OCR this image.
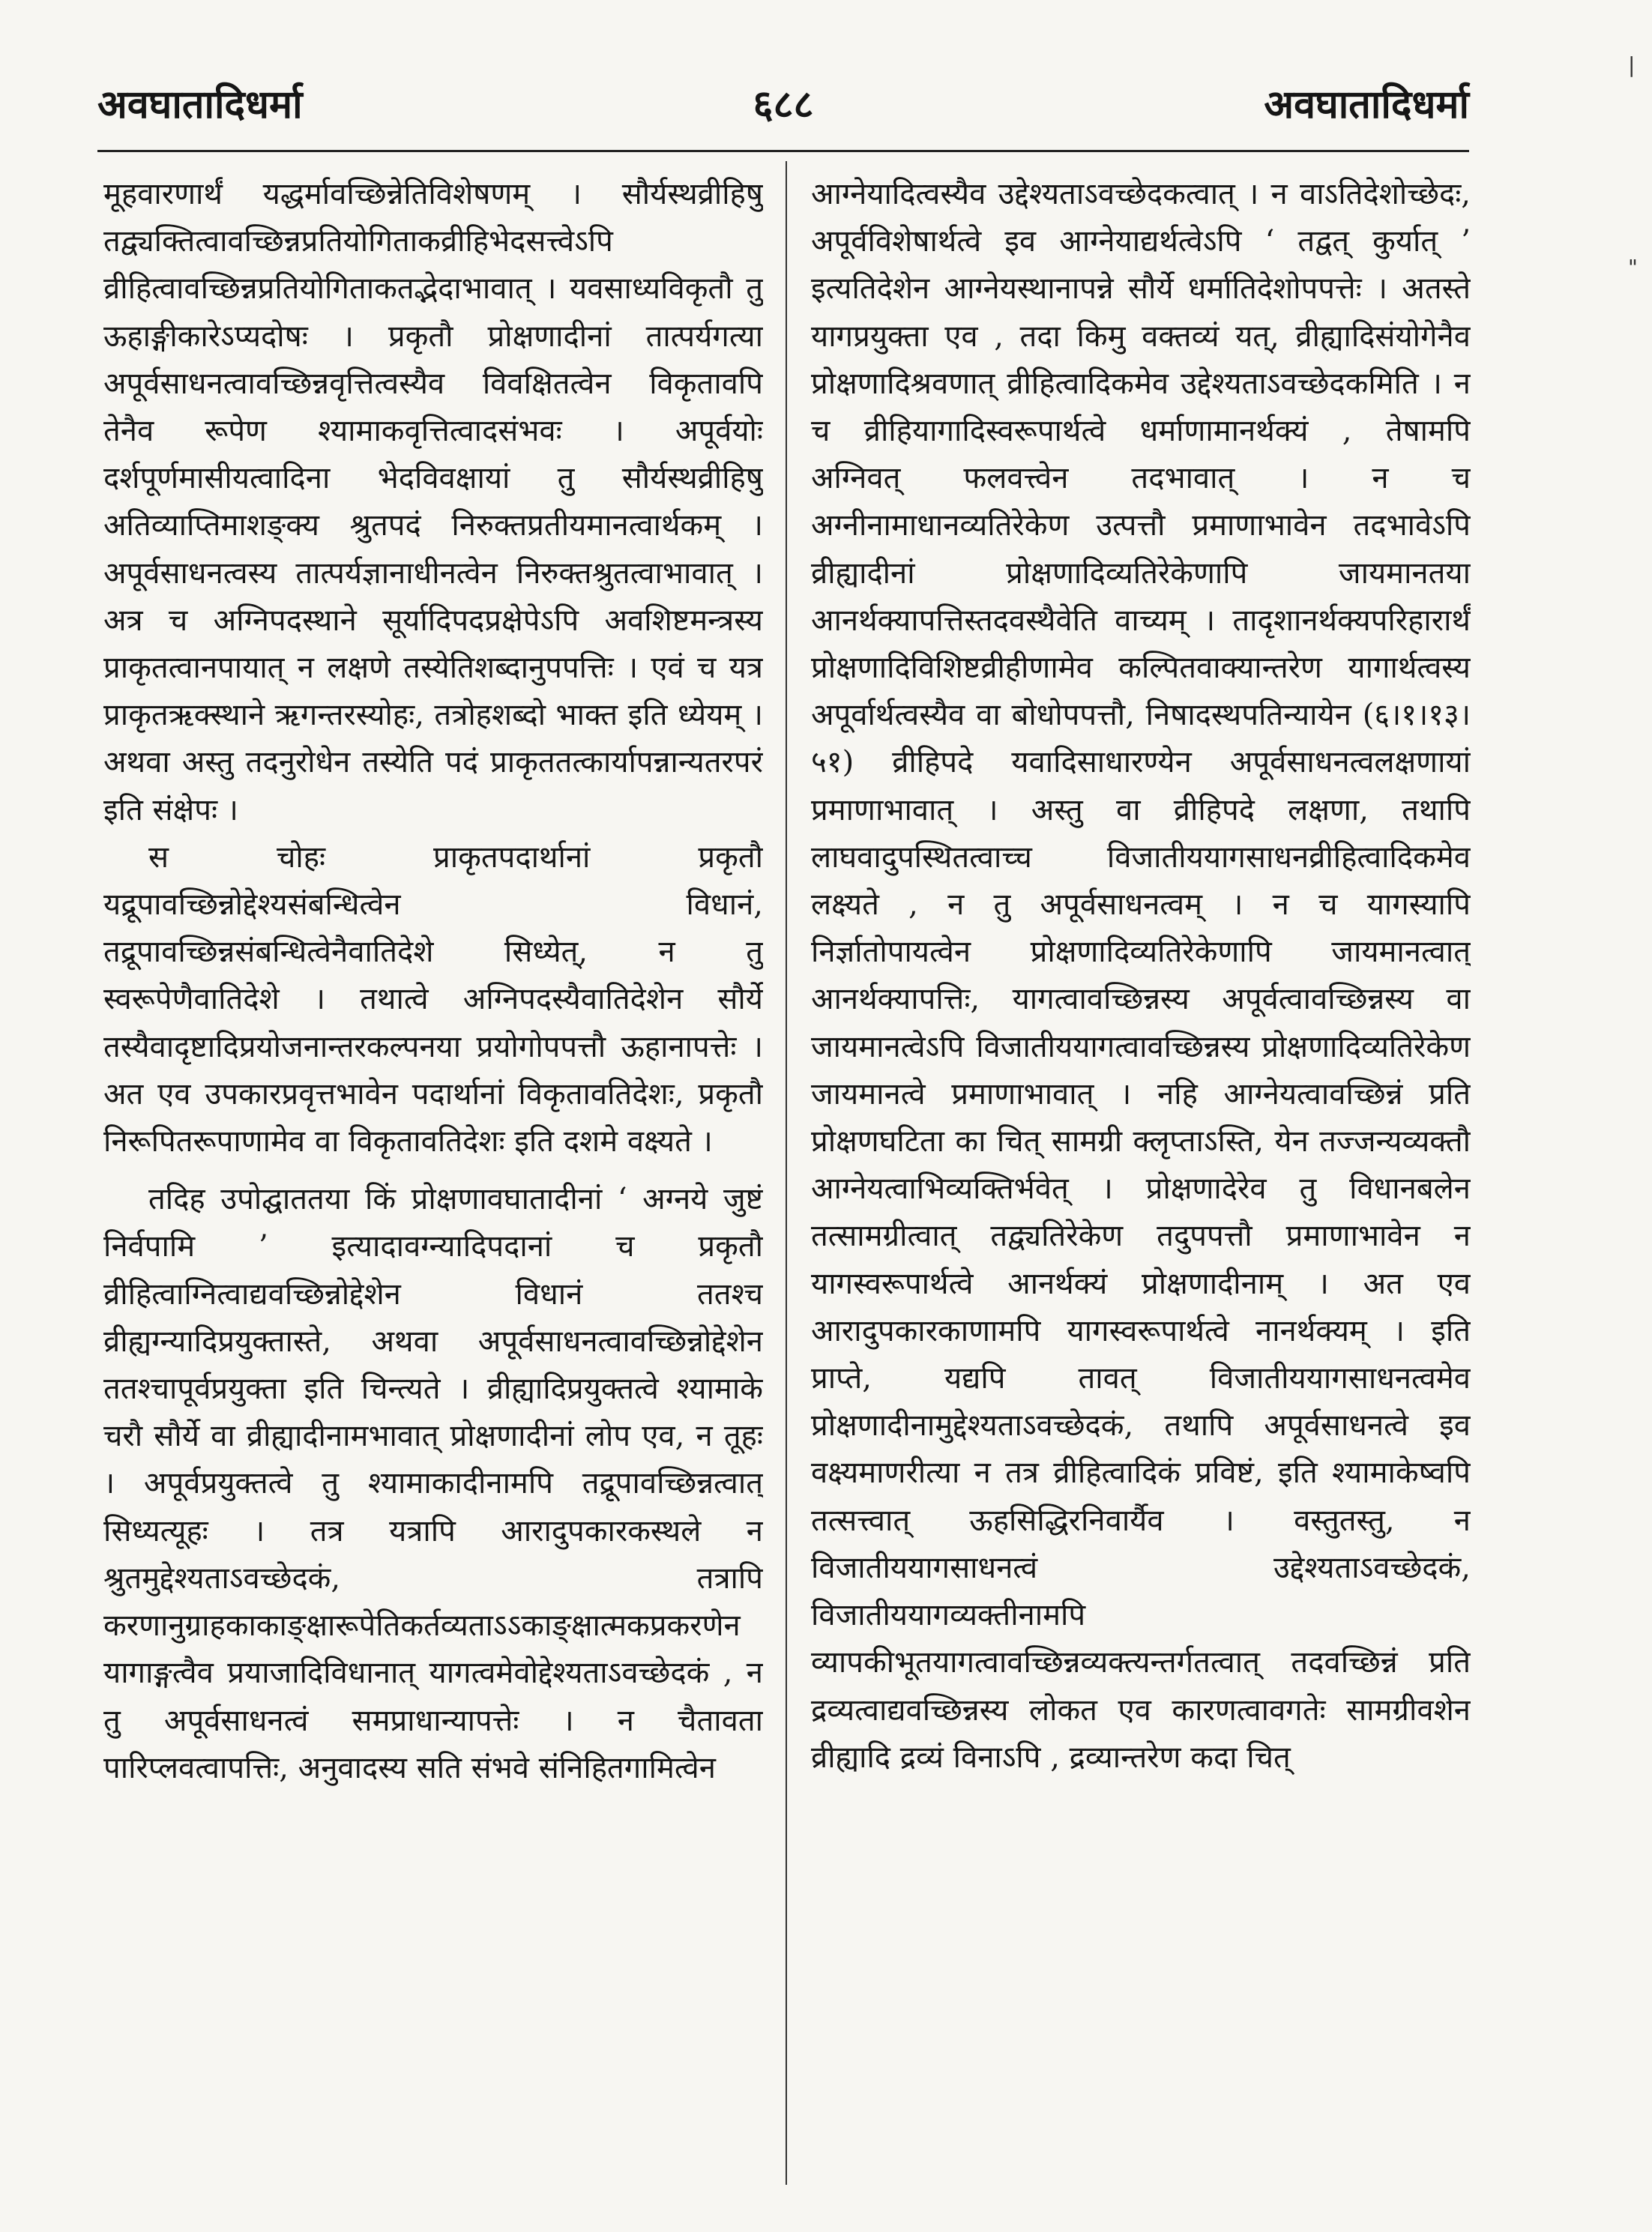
अवघातादिधर्मा	६८८	अवघातादिधर्मा

मूहवारणार्थं यद्धर्मावच्छिन्नेतिविशेषणम् । सौर्यस्थव्रीहिषु तद्व्यक्तित्वावच्छिन्नप्रतियोगिताकव्रीहिभेदसत्त्वेऽपि व्रीहित्वावच्छिन्नप्रतियोगिताकतद्भेदाभावात् । यवसाध्यविकृतौ तु ऊहाङ्गीकारेऽप्यदोषः । प्रकृतौ प्रोक्षणादीनां तात्पर्यगत्या अपूर्वसाधनत्वावच्छिन्नवृत्तित्वस्यैव विवक्षितत्वेन विकृतावपि तेनैव रूपेण श्यामाकवृत्तित्वादसंभवः । अपूर्वयोः दर्शपूर्णमासीयत्वादिना भेदविवक्षायां तु सौर्यस्थव्रीहिषु अतिव्याप्तिमाशङ्क्य श्रुतपदं निरुक्तप्रतीयमानत्वार्थकम् । अपूर्वसाधनत्वस्य तात्पर्यज्ञानाधीनत्वेन निरुक्तश्रुतत्वाभावात् । अत्र च अग्निपदस्थाने सूर्यादिपदप्रक्षेपेऽपि अवशिष्टमन्त्रस्य प्राकृतत्वानपायात् न लक्षणे तस्येतिशब्दानुपपत्तिः । एवं च यत्र प्राकृतऋक्स्थाने ऋगन्तरस्योहः, तत्रोहशब्दो भाक्त इति ध्येयम् । अथवा अस्तु तदनुरोधेन तस्येति पदं प्राकृततत्कार्यापन्नान्यतरपरं इति संक्षेपः ।

स चोहः प्राकृतपदार्थानां प्रकृतौ यद्रूपावच्छिन्नोद्देश्यसंबन्धित्वेन विधानं, तद्रूपावच्छिन्नसंबन्धित्वेनैवातिदेशे सिध्येत्, न तु स्वरूपेणैवातिदेशे । तथात्वे अग्निपदस्यैवातिदेशेन सौर्ये तस्यैवादृष्टादिप्रयोजनान्तरकल्पनया प्रयोगोपपत्तौ ऊहानापत्तेः । अत एव उपकारप्रवृत्तभावेन पदार्थानां विकृतावतिदेशः, प्रकृतौ निरूपितरूपाणामेव वा विकृतावतिदेशः इति दशमे वक्ष्यते ।

तदिह उपोद्घाततया किं प्रोक्षणावघातादीनां ‘ अग्नये जुष्टं निर्वपामि ’ इत्यादावग्न्यादिपदानां च प्रकृतौ व्रीहित्वाग्नित्वाद्यवच्छिन्नोद्देशेन विधानं ततश्च व्रीह्यग्न्यादिप्रयुक्तास्ते, अथवा अपूर्वसाधनत्वावच्छिन्नोद्देशेन ततश्चापूर्वप्रयुक्ता इति चिन्त्यते । व्रीह्यादिप्रयुक्तत्वे श्यामाके चरौ सौर्ये वा व्रीह्यादीनामभावात् प्रोक्षणादीनां लोप एव, न तूहः । अपूर्वप्रयुक्तत्वे तु श्यामाकादीनामपि तद्रूपावच्छिन्नत्वात् सिध्यत्यूहः । तत्र यत्रापि आरादुपकारकस्थले न श्रुतमुद्देश्यताऽवच्छेदकं, तत्रापि करणानुग्राहकाकाङ्क्षारूपेतिकर्तव्यताऽऽकाङ्क्षात्मकप्रकरणेन यागाङ्गत्वैव प्रयाजादिविधानात् यागत्वमेवोद्देश्यताऽवच्छेदकं , न तु अपूर्वसाधनत्वं समप्राधान्यापत्तेः । न चैतावता पारिप्लवत्वापत्तिः, अनुवादस्य सति संभवे संनिहितगामित्वेन

आग्नेयादित्वस्यैव उद्देश्यताऽवच्छेदकत्वात् । न वाऽतिदेशोच्छेदः, अपूर्वविशेषार्थत्वे इव आग्नेयाद्यर्थत्वेऽपि ‘ तद्वत् कुर्यात् ’ इत्यतिदेशेन आग्नेयस्थानापन्ने सौर्ये धर्मातिदेशोपपत्तेः । अतस्ते यागप्रयुक्ता एव , तदा किमु वक्तव्यं यत्, व्रीह्यादिसंयोगेनैव प्रोक्षणादिश्रवणात् व्रीहित्वादिकमेव उद्देश्यताऽवच्छेदकमिति । न च व्रीहियागादिस्वरूपार्थत्वे धर्माणामानर्थक्यं , तेषामपि अग्निवत् फलवत्त्वेन तदभावात् । न च अग्नीनामाधानव्यतिरेकेण उत्पत्तौ प्रमाणाभावेन तदभावेऽपि व्रीह्यादीनां प्रोक्षणादिव्यतिरेकेणापि जायमानतया आनर्थक्यापत्तिस्तदवस्थैवेति वाच्यम् । तादृशानर्थक्यपरिहारार्थं प्रोक्षणादिविशिष्टव्रीहीणामेव कल्पितवाक्यान्तरेण यागार्थत्वस्य अपूर्वार्थत्वस्यैव वा बोधोपपत्तौ, निषादस्थपतिन्यायेन (६।१।१३।५१) व्रीहिपदे यवादिसाधारण्येन अपूर्वसाधनत्वलक्षणायां प्रमाणाभावात् । अस्तु वा व्रीहिपदे लक्षणा, तथापि लाघवादुपस्थितत्वाच्च विजातीययागसाधनव्रीहित्वादिकमेव लक्ष्यते , न तु अपूर्वसाधनत्वम् । न च यागस्यापि निर्ज्ञातोपायत्वेन प्रोक्षणादिव्यतिरेकेणापि जायमानत्वात् आनर्थक्यापत्तिः, यागत्वावच्छिन्नस्य अपूर्वत्वावच्छिन्नस्य वा जायमानत्वेऽपि विजातीययागत्वावच्छिन्नस्य प्रोक्षणादिव्यतिरेकेण जायमानत्वे प्रमाणाभावात् । नहि आग्नेयत्वावच्छिन्नं प्रति प्रोक्षणघटिता का चित् सामग्री क्लृप्ताऽस्ति, येन तज्जन्यव्यक्तौ आग्नेयत्वाभिव्यक्तिर्भवेत् । प्रोक्षणादेरेव तु विधानबलेन तत्सामग्रीत्वात् तद्व्यतिरेकेण तदुपपत्तौ प्रमाणाभावेन न यागस्वरूपार्थत्वे आनर्थक्यं प्रोक्षणादीनाम् । अत एव आरादुपकारकाणामपि यागस्वरूपार्थत्वे नानर्थक्यम् । इति प्राप्ते, यद्यपि तावत् विजातीययागसाधनत्वमेव प्रोक्षणादीनामुद्देश्यताऽवच्छेदकं, तथापि अपूर्वसाधनत्वे इव वक्ष्यमाणरीत्या न तत्र व्रीहित्वादिकं प्रविष्टं, इति श्यामाकेष्वपि तत्सत्त्वात् ऊहसिद्धिरनिवार्यैव । वस्तुतस्तु, न विजातीययागसाधनत्वं उद्देश्यताऽवच्छेदकं, विजातीययागव्यक्तीनामपि व्यापकीभूतयागत्वावच्छिन्नव्यक्त्यन्तर्गतत्वात् तदवच्छिन्नं प्रति द्रव्यत्वाद्यवच्छिन्नस्य लोकत एव कारणत्वावगतेः सामग्रीवशेन व्रीह्यादि द्रव्यं विनाऽपि , द्रव्यान्तरेण कदा चित्

|
"
